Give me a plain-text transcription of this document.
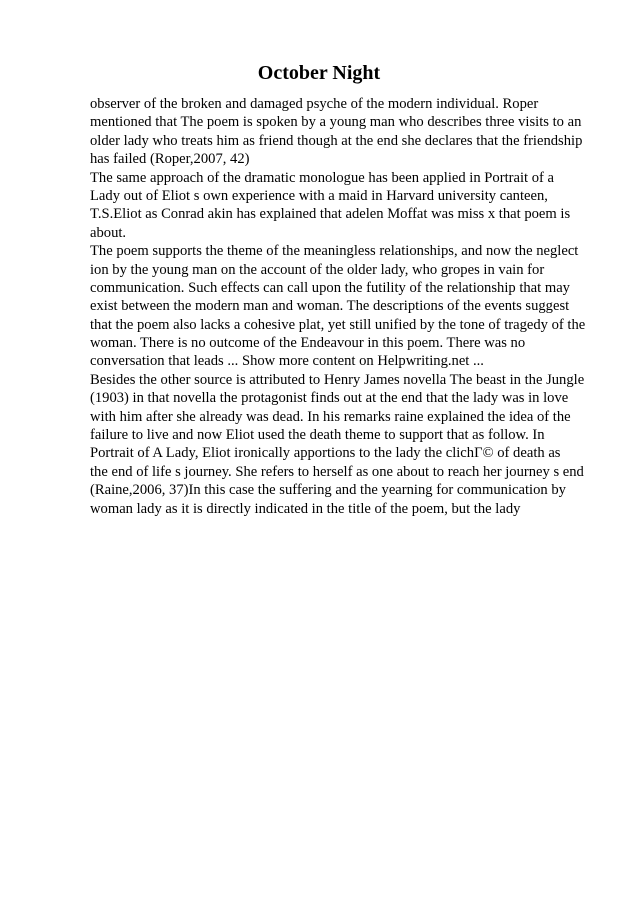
October Night
observer of the broken and damaged psyche of the modern individual. Roper
mentioned that The poem is spoken by a young man who describes three visits to an
older lady who treats him as friend though at the end she declares that the friendship
has failed (Roper,2007, 42)
The same approach of the dramatic monologue has been applied in Portrait of a
Lady out of Eliot s own experience with a maid in Harvard university canteen,
T.S.Eliot as Conrad akin has explained that adelen Moffat was miss x that poem is
about.
The poem supports the theme of the meaningless relationships, and now the neglect
ion by the young man on the account of the older lady, who gropes in vain for
communication. Such effects can call upon the futility of the relationship that may
exist between the modern man and woman. The descriptions of the events suggest
that the poem also lacks a cohesive plat, yet still unified by the tone of tragedy of the
woman. There is no outcome of the Endeavour in this poem. There was no
conversation that leads ... Show more content on Helpwriting.net ...
Besides the other source is attributed to Henry James novella The beast in the Jungle
(1903) in that novella the protagonist finds out at the end that the lady was in love
with him after she already was dead. In his remarks raine explained the idea of the
failure to live and now Eliot used the death theme to support that as follow. In
Portrait of A Lady, Eliot ironically apportions to the lady the clichГ© of death as
the end of life s journey. She refers to herself as one about to reach her journey s end
(Raine,2006, 37)In this case the suffering and the yearning for communication by
woman lady as it is directly indicated in the title of the poem, but the lady
